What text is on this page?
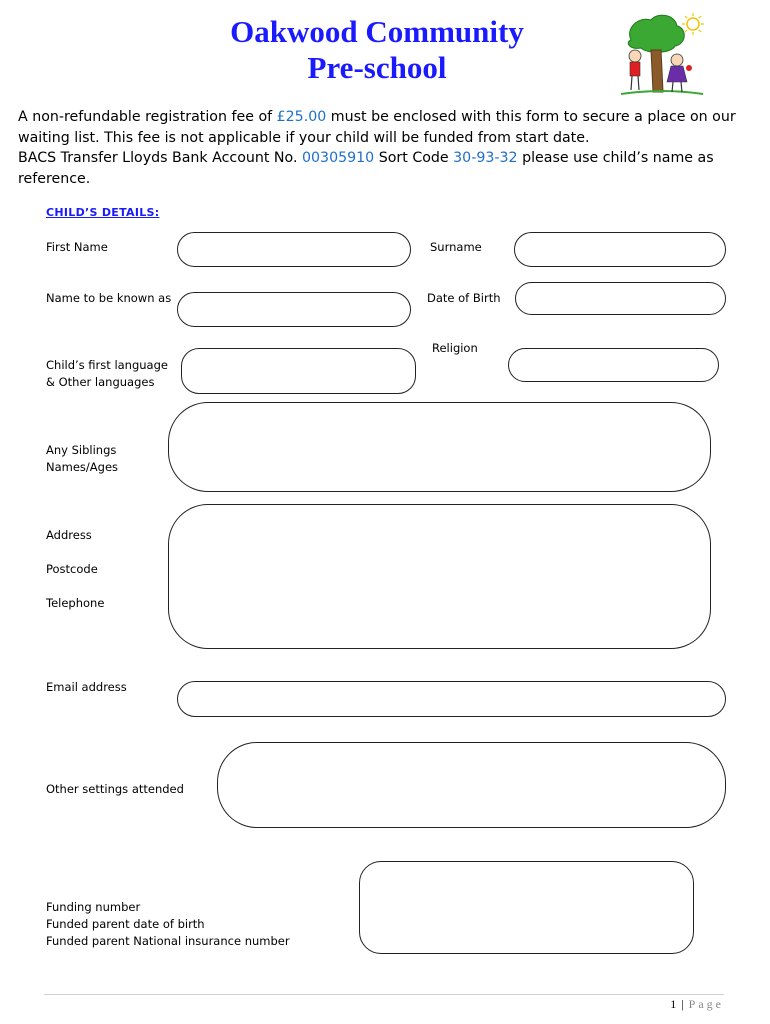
Oakwood Community
Pre-school
A non-refundable registration fee of £25.00 must be enclosed with this form to secure a place on our waiting list. This fee is not applicable if your child will be funded from start date.
BACS Transfer Lloyds Bank Account No. 00305910 Sort Code 30-93-32 please use child’s name as reference.
CHILD’S DETAILS:
First Name	Surname
Name to be known as	Date of Birth
Child’s first language
& Other languages
Religion
Any Siblings
Names/Ages
Address
Postcode
Telephone
Email address
Other settings attended
Funding number
Funded parent date of birth
Funded parent National insurance number
1 | Page
